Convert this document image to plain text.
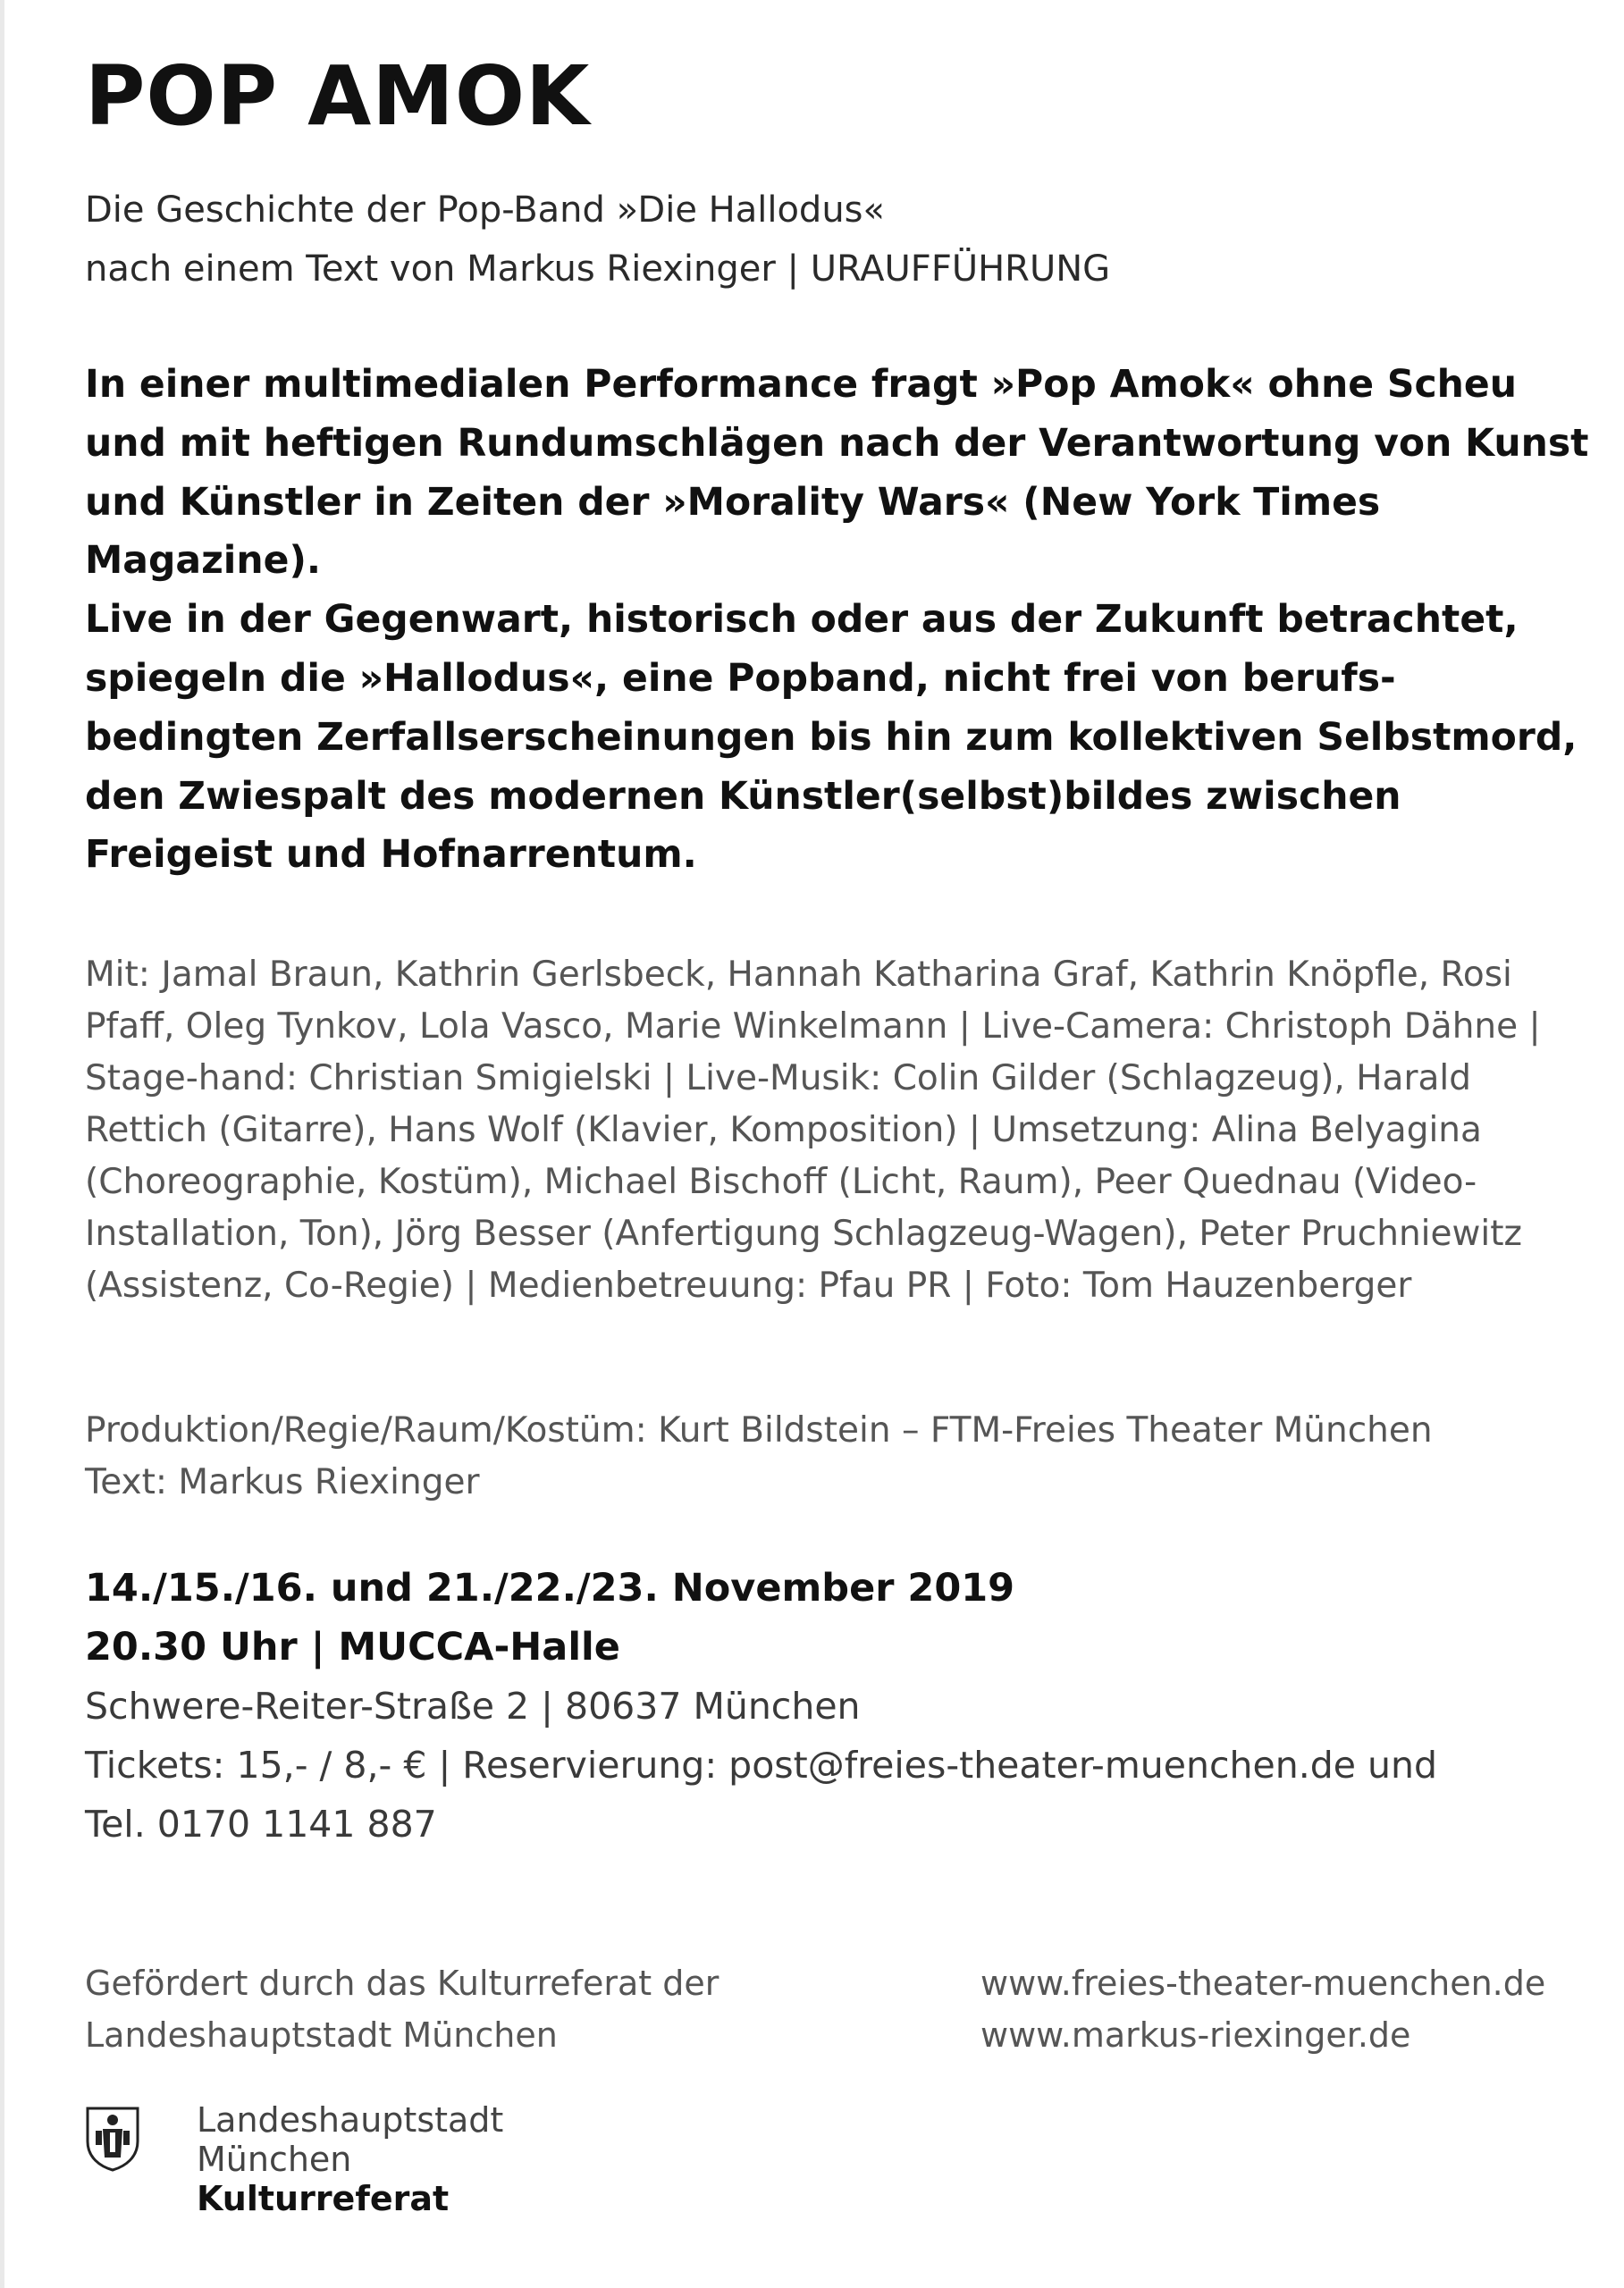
POP AMOK
Die Geschichte der Pop-Band »Die Hallodus«
nach einem Text von Markus Riexinger | URAUFFÜHRUNG

In einer multimedialen Performance fragt »Pop Amok« ohne Scheu und mit heftigen Rundumschlägen nach der Verantwortung von Kunst und Künstler in Zeiten der »Morality Wars« (New York Times Magazine).

Live in der Gegenwart, historisch oder aus der Zukunft betrachtet, spiegeln die »Hallodus«, eine Popband, nicht frei von berufs-bedingten Zerfallserscheinungen bis hin zum kollektiven Selbstmord, den Zwiespalt des modernen Künstler(selbst)bildes zwischen Freigeist und Hofnarrentum.

Mit: Jamal Braun, Kathrin Gerlsbeck, Hannah Katharina Graf, Kathrin Knöpfle, Rosi Pfaff, Oleg Tynkov, Lola Vasco, Marie Winkelmann | Live-Camera: Christoph Dähne | Stage-hand: Christian Smigielski | Live-Musik: Colin Gilder (Schlagzeug), Harald Rettich (Gitarre), Hans Wolf (Klavier, Komposition) | Umsetzung: Alina Belyagina (Choreographie, Kostüm), Michael Bischoff (Licht, Raum), Peer Quednau (Video-Installation, Ton), Jörg Besser (Anfertigung Schlagzeug-Wagen), Peter Pruchniewitz (Assistenz, Co-Regie) | Medienbetreuung: Pfau PR | Foto: Tom Hauzenberger
Produktion/Regie/Raum/Kostüm: Kurt Bildstein – FTM-Freies Theater München
Text: Markus Riexinger
14./15./16. und 21./22./23. November 2019
20.30 Uhr | MUCCA-Halle
Schwere-Reiter-Straße 2 | 80637 München
Tickets: 15,- / 8,- € | Reservierung: post@freies-theater-muenchen.de und
Tel. 0170 1141 887
Gefördert durch das Kulturreferat der
Landeshauptstadt München
www.freies-theater-muenchen.de
www.markus-riexinger.de
Landeshauptstadt
München
Kulturreferat
